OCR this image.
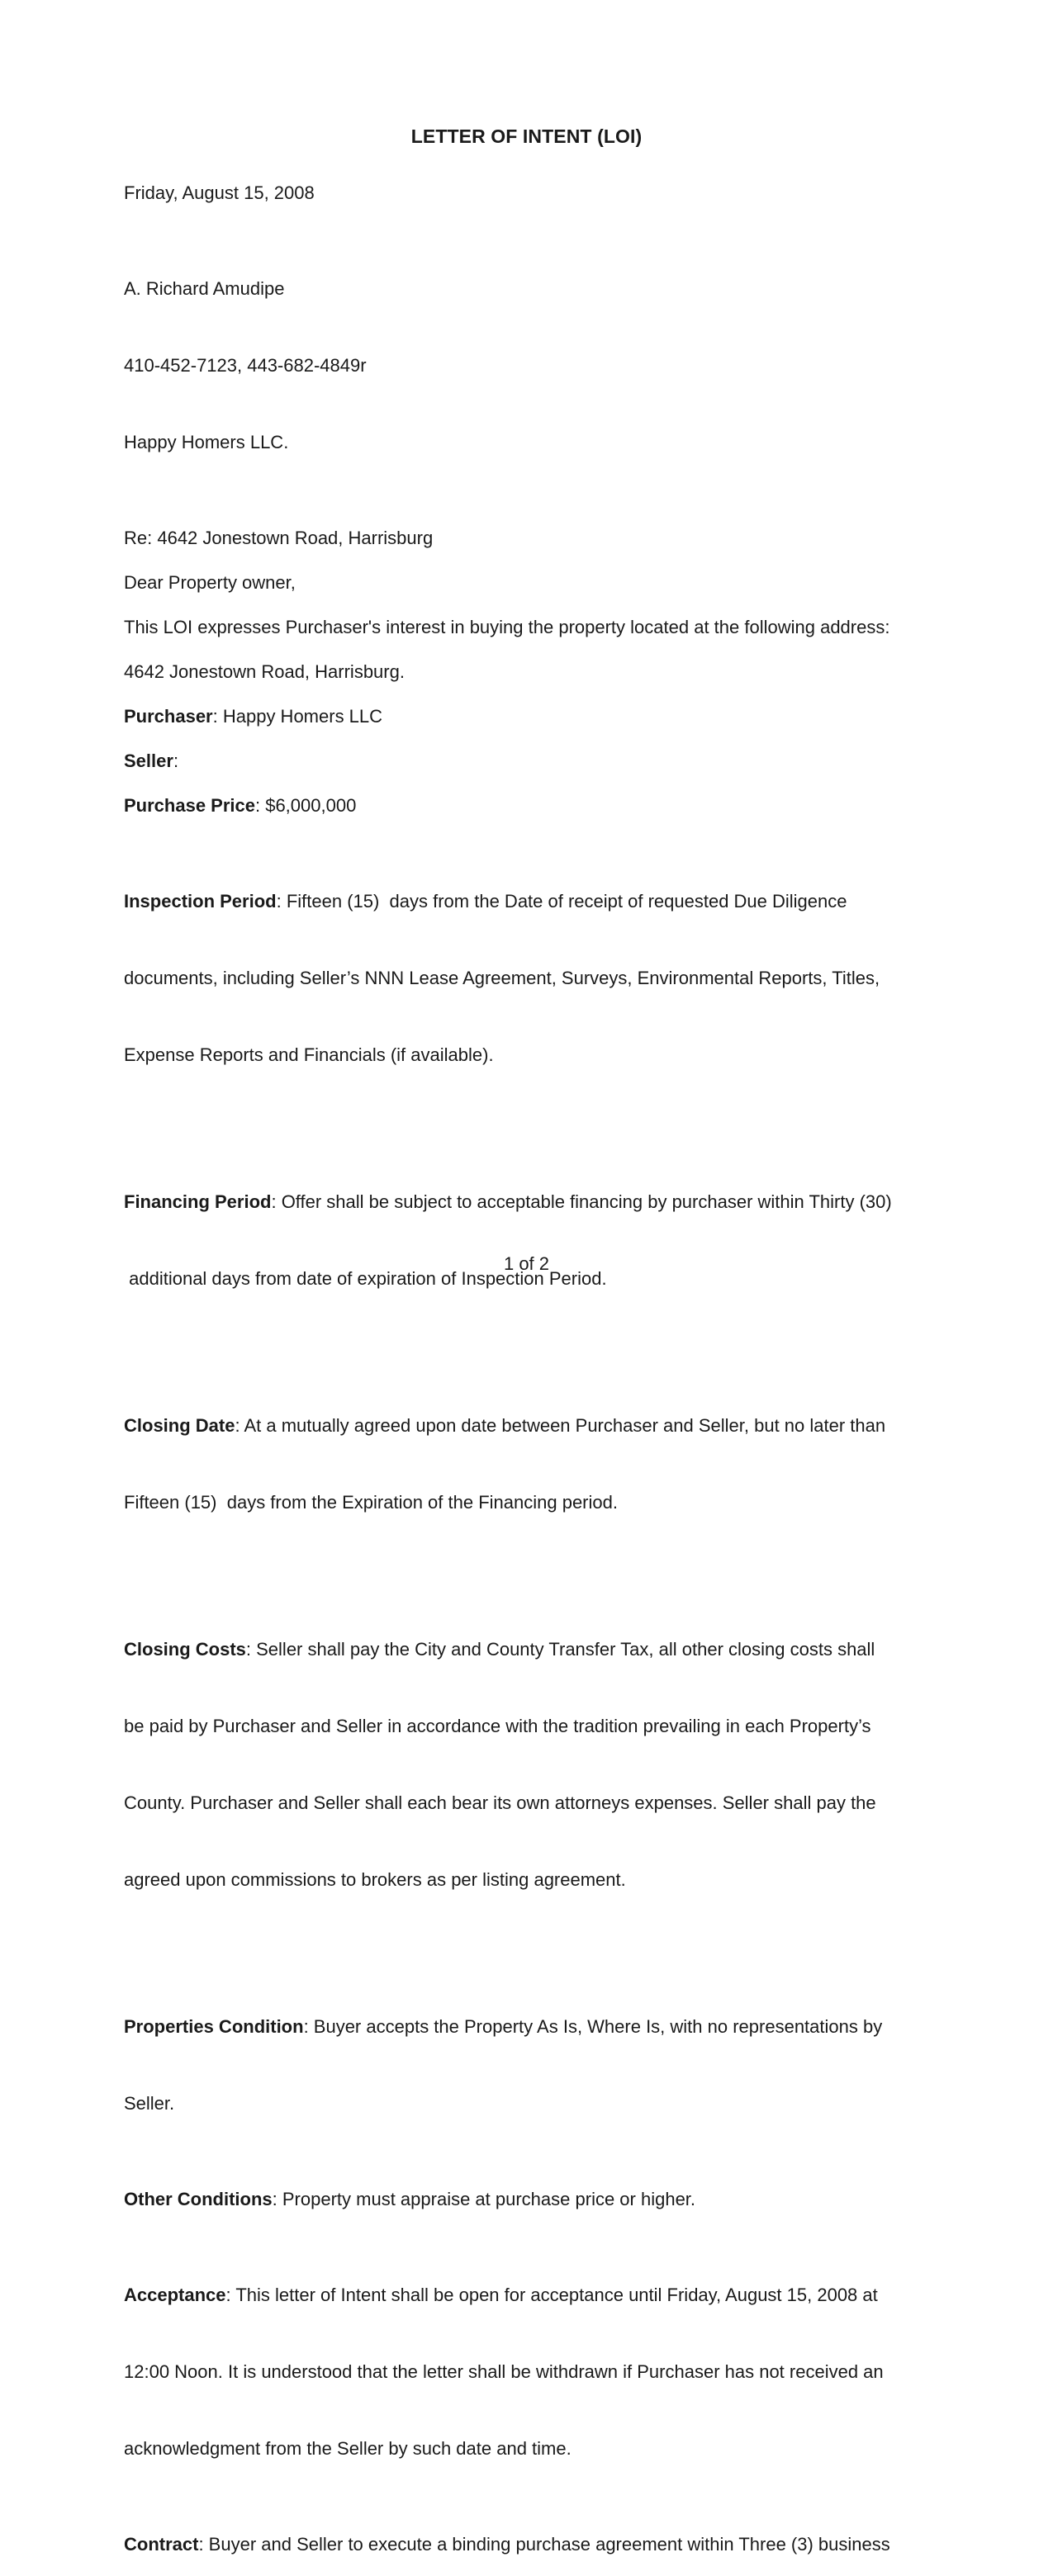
LETTER OF INTENT (LOI)

Friday, August 15, 2008

A. Richard Amudipe

410-452-7123, 443-682-4849r

Happy Homers LLC.

Re: 4642 Jonestown Road, Harrisburg

Dear Property owner,

This LOI expresses Purchaser's interest in buying the property located at the following address:

4642 Jonestown Road, Harrisburg.

Purchaser: Happy Homers LLC

Seller:

Purchase Price: $6,000,000

Inspection Period: Fifteen (15)  days from the Date of receipt of requested Due Diligence

documents, including Seller’s NNN Lease Agreement, Surveys, Environmental Reports, Titles,

Expense Reports and Financials (if available).

Financing Period: Offer shall be subject to acceptable financing by purchaser within Thirty (30)

additional days from date of expiration of Inspection Period.

Closing Date: At a mutually agreed upon date between Purchaser and Seller, but no later than

Fifteen (15)  days from the Expiration of the Financing period.

Closing Costs: Seller shall pay the City and County Transfer Tax, all other closing costs shall

be paid by Purchaser and Seller in accordance with the tradition prevailing in each Property’s

County. Purchaser and Seller shall each bear its own attorneys expenses. Seller shall pay the

agreed upon commissions to brokers as per listing agreement.

Properties Condition: Buyer accepts the Property As Is, Where Is, with no representations by

Seller.

Other Conditions: Property must appraise at purchase price or higher.

Acceptance: This letter of Intent shall be open for acceptance until Friday, August 15, 2008 at

12:00 Noon. It is understood that the letter shall be withdrawn if Purchaser has not received an

acknowledgment from the Seller by such date and time.

Contract: Buyer and Seller to execute a binding purchase agreement within Three (3) business

1 of 2
